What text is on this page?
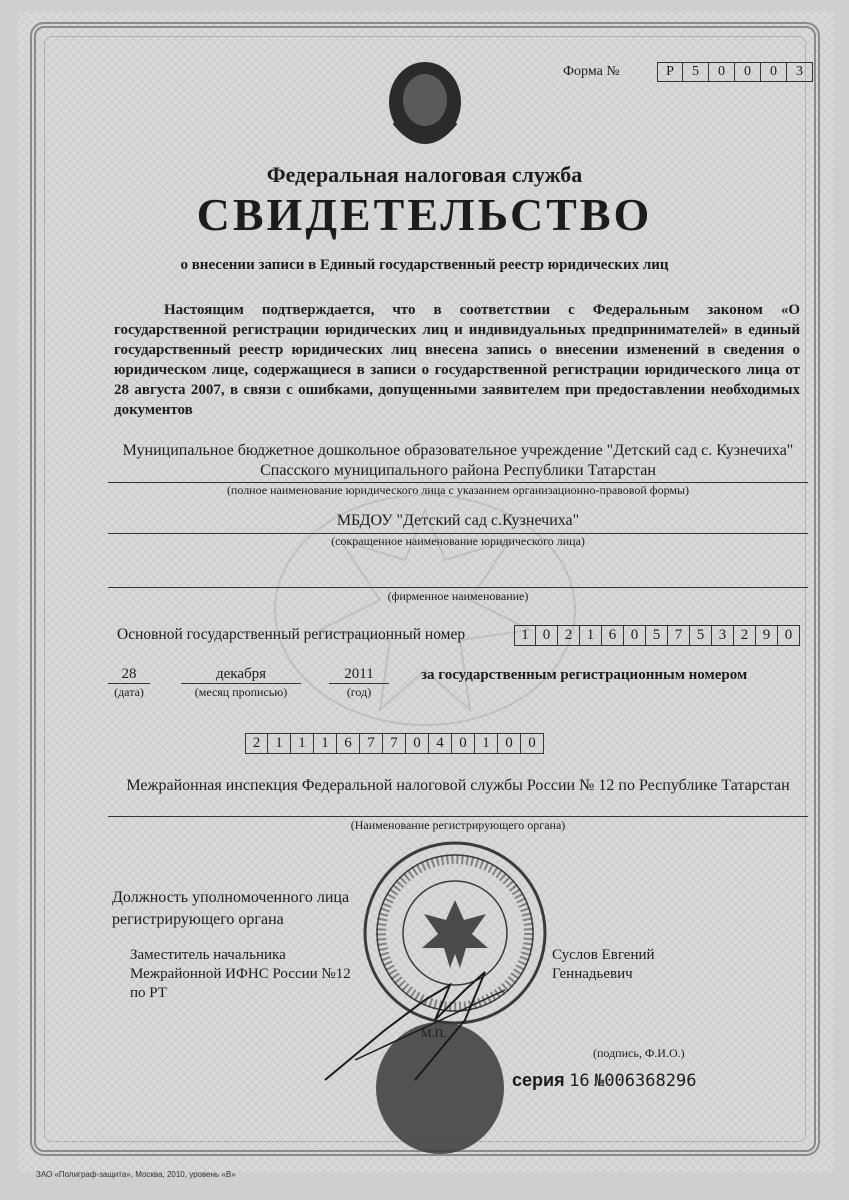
Форма №	Р	5	0	0	0	3
Федеральная налоговая служба
СВИДЕТЕЛЬСТВО
о внесении записи в Единый государственный реестр юридических лиц
Настоящим подтверждается, что в соответствии с Федеральным законом «О государственной регистрации юридических лиц и индивидуальных предпринимателей» в единый государственный реестр юридических лиц внесена запись о внесении изменений в сведения о юридическом лице, содержащиеся в записи о государственной регистрации юридического лица от 28 августа 2007, в связи с ошибками, допущенными заявителем при предоставлении необходимых документов
Муниципальное бюджетное дошкольное образовательное учреждение "Детский сад с. Кузнечиха" Спасского муниципального района Республики Татарстан
(полное наименование юридического лица с указанием организационно-правовой формы)
МБДОУ "Детский сад с.Кузнечиха"
(сокращенное наименование юридического лица)
(фирменное наименование)
Основной государственный регистрационный номер	1 0 2 1 6 0 5 7 5 3 2 9 0
28
(дата)
декабря
(месяц прописью)
2011
(год)
за государственным регистрационным номером
2	1	1	1	6	7	7	0	4	0	1	0	0
Межрайонная инспекция Федеральной налоговой службы России № 12 по Республике Татарстан
(Наименование регистрирующего органа)
Должность уполномоченного лица регистрирующего органа
Заместитель начальника Межрайонной ИФНС России №12 по РТ
Суслов Евгений Геннадьевич
М.П.
(подпись, Ф.И.О.)
серия 16 №006368296
ЗАО «Полиграф-защита», Москва, 2010, уровень «В»
